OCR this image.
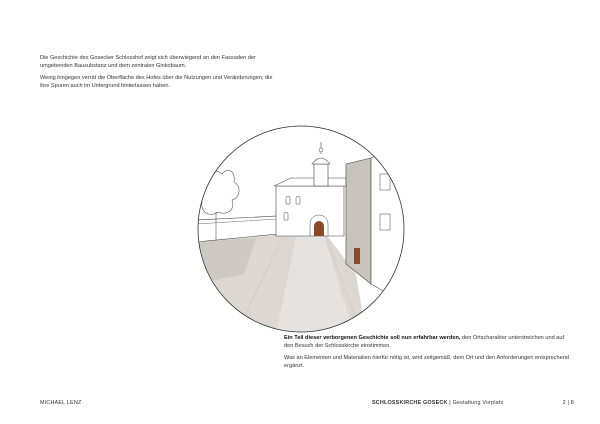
Die Geschichte des Gosecker Schlosshof zeigt sich überwiegend an den Fassaden der umgebenden Bausubstanz und dem zentralen Ginkobaum.

Wenig hingegen verrät die Oberfläche des Hofes über die Nutzungen und Veränderungen, die ihre Spuren auch im Untergrund hinterlassen haben.

Ein Teil dieser verborgenen Geschichte soll nun erfahrbar werden, den Ortscharakter unterstreichen und auf den Besuch der Schlosskirche einstimmen.

Was an Elementen und Materialien hierfür nötig ist, wird zeitgemäß, dem Ort und den Anforderungen entsprechend ergänzt.

MICHAEL LENZ	SCHLOSSKIRCHE GOSECK | Gestaltung Vorplatz	2 | 8
